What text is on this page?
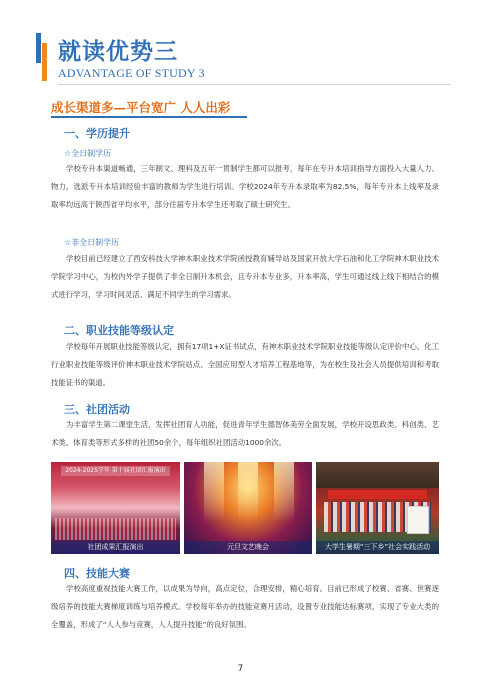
就读优势三
ADVANTAGE OF STUDY 3
成长渠道多—平台宽广 人人出彩
一、学历提升
☆全日制学历
学校专升本渠道畅通，三年制文、理科及五年一贯制学生都可以报考，每年在专升本培训指导方面投入大量人力、物力，选派专升本培训经验丰富的教师为学生进行培训。学校2024年专升本录取率为82.5%，每年专升本上线率及录取率均远高于陕西省平均水平，部分往届专升本学生还考取了硕士研究生。
☆非全日制学历
学校目前已经建立了西安科技大学神木职业技术学院函授教育辅导站及国家开放大学石油和化工学院神木职业技术学院学习中心，为校内外学子提供了非全日制升本机会，且专升本专业多，升本率高，学生可通过线上线下相结合的模式进行学习，学习时间灵活、满足不同学生的学习需求。
二、职业技能等级认定
学校每年开展职业技能等级认定，拥有17项1+X证书试点，有神木职业技术学院职业技能等级认定评价中心、化工行业职业技能等级评价神木职业技术学院站点、全国应用型人才培养工程基地等，为在校生及社会人员提供培训和考取技能证书的渠道。
三、社团活动
为丰富学生第二课堂生活，发挥社团育人功能，促进青年学生德智体美劳全面发展，学校开设思政类、科创类、艺术类、体育类等形式多样的社团50余个，每年组织社团活动1000余次。
2024-2025学年 第十届社团汇报演出
社团成果汇报演出	元旦文艺晚会	大学生暑期“三下乡”社会实践活动
四、技能大赛
学校高度重视技能大赛工作，以成果为导向，高点定位，合理安排，精心培育。目前已形成了校赛、省赛、世赛逐级培养的技能大赛梯度训练与培养模式。学校每年举办的技能竞赛月活动，设置专业技能达标赛项，实现了专业大类的全覆盖，形成了“人人参与竞赛，人人提升技能”的良好氛围。
7
